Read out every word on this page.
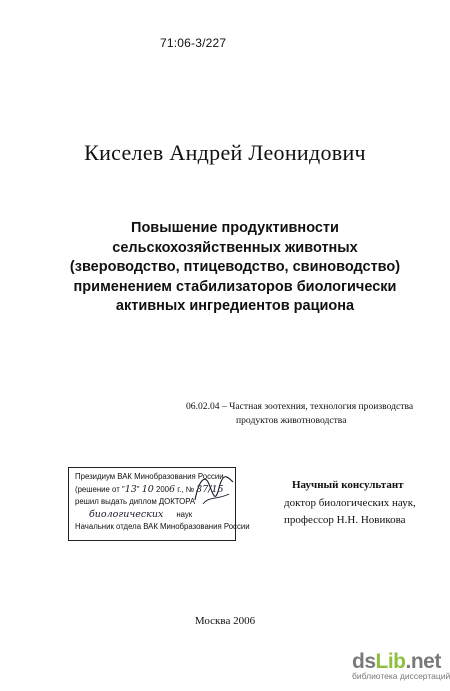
71:06-3/227
Киселев Андрей Леонидович
Повышение продуктивности
сельскохозяйственных животных
(звероводство, птицеводство, свиноводство)
применением стабилизаторов биологически
активных ингредиентов рациона
06.02.04 – Частная зоотехния, технология производства
продуктов животноводства
Президиум ВАК Минобразования России
(решение от "13" 10 2006 г., № 37/15
решил выдать диплом ДОКТОРА
биологических наук
Начальник отдела ВАК Минобразования России
Научный консультант
доктор биологических наук,
профессор Н.Н. Новикова
Москва 2006
dsLib.net
библиотека диссертаций
